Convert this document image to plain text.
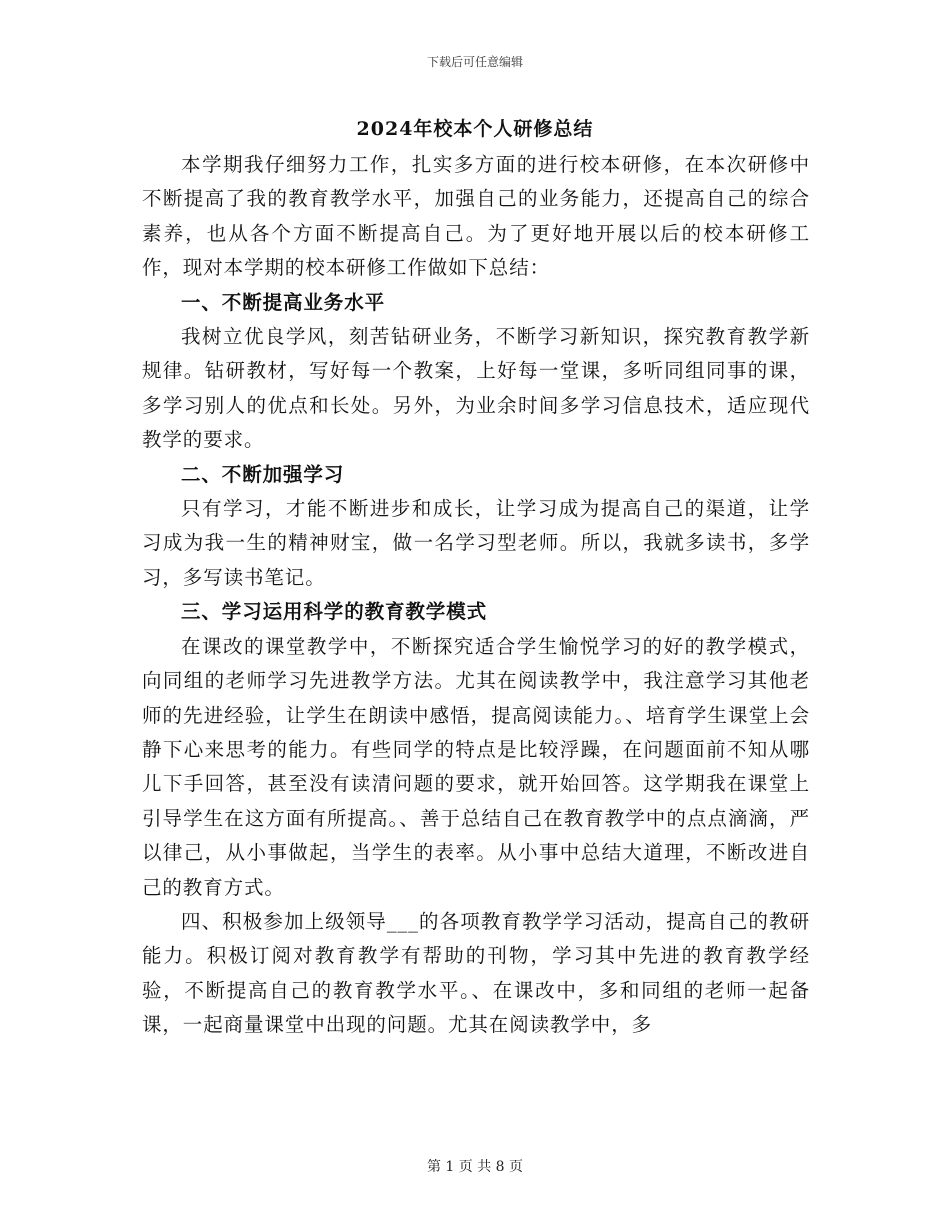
下载后可任意编辑
2024年校本个人研修总结

本学期我仔细努力工作，扎实多方面的进行校本研修，在本次研修中不断提高了我的教育教学水平，加强自己的业务能力，还提高自己的综合素养，也从各个方面不断提高自己。为了更好地开展以后的校本研修工作，现对本学期的校本研修工作做如下总结：

一、不断提高业务水平

我树立优良学风，刻苦钻研业务，不断学习新知识，探究教育教学新规律。钻研教材，写好每一个教案，上好每一堂课，多听同组同事的课，多学习别人的优点和长处。另外，为业余时间多学习信息技术，适应现代教学的要求。

二、不断加强学习

只有学习，才能不断进步和成长，让学习成为提高自己的渠道，让学习成为我一生的精神财宝，做一名学习型老师。所以，我就多读书，多学习，多写读书笔记。

三、学习运用科学的教育教学模式

在课改的课堂教学中，不断探究适合学生愉悦学习的好的教学模式，向同组的老师学习先进教学方法。尤其在阅读教学中，我注意学习其他老师的先进经验，让学生在朗读中感悟，提高阅读能力。、培育学生课堂上会静下心来思考的能力。有些同学的特点是比较浮躁，在问题面前不知从哪儿下手回答，甚至没有读清问题的要求，就开始回答。这学期我在课堂上引导学生在这方面有所提高。、善于总结自己在教育教学中的点点滴滴，严以律己，从小事做起，当学生的表率。从小事中总结大道理，不断改进自己的教育方式。

四、积极参加上级领导___的各项教育教学学习活动，提高自己的教研能力。积极订阅对教育教学有帮助的刊物，学习其中先进的教育教学经验，不断提高自己的教育教学水平。、在课改中，多和同组的老师一起备课，一起商量课堂中出现的问题。尤其在阅读教学中，多

第 1 页 共 8 页
